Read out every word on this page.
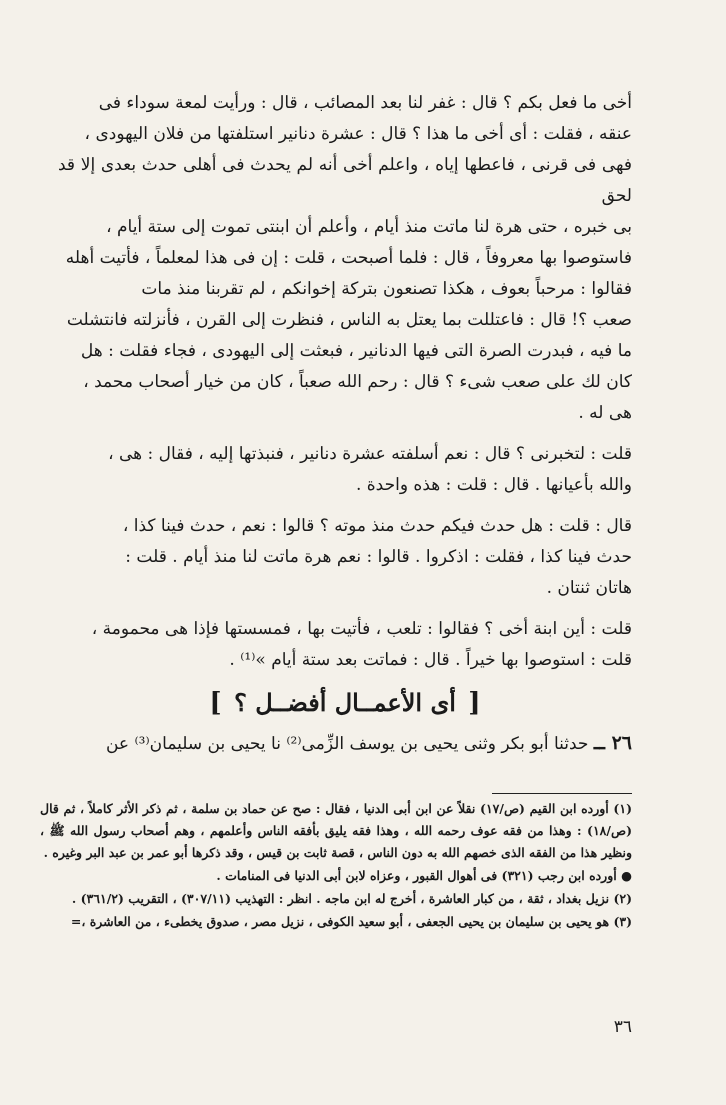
أخى ما فعل بكم ؟ قال : غفر لنا بعد المصائب ، قال : ورأيت لمعة سوداء فى

عنقه ، فقلت : أى أخى ما هذا ؟ قال : عشرة دنانير استلفتها من فلان اليهودى ،

فهى فى قرنى ، فاعطها إياه ، واعلم أخى أنه لم يحدث فى أهلى حدث بعدى إلا قد لحق

بى خبره ، حتى هرة لنا ماتت منذ أيام ، وأعلم أن ابنتى تموت إلى ستة أيام ،

فاستوصوا بها معروفاً ، قال : فلما أصبحت ، قلت : إن فى هذا لمعلماً ، فأتيت أهله

فقالوا : مرحباً بعوف ، هكذا تصنعون بتركة إخوانكم ، لم تقربنا منذ مات

صعب ؟! قال : فاعتللت بما يعتل به الناس ، فنظرت إلى القرن ، فأنزلته فانتشلت

ما فيه ، فبدرت الصرة التى فيها الدنانير ، فبعثت إلى اليهودى ، فجاء فقلت : هل

كان لك على صعب شىء ؟ قال : رحم الله صعباً ، كان من خيار أصحاب محمد ،

هى له .

قلت : لتخبرنى ؟ قال : نعم أسلفته عشرة دنانير ، فنبذتها إليه ، فقال : هى ،

والله بأعيانها . قال : قلت : هذه واحدة .

قال : قلت : هل حدث فيكم حدث منذ موته ؟ قالوا : نعم ، حدث فينا كذا ،

حدث فينا كذا ، فقلت : اذكروا . قالوا : نعم هرة ماتت لنا منذ أيام . قلت :

هاتان ثنتان .

قلت : أين ابنة أخى ؟ فقالوا : تلعب ، فأتيت بها ، فمسستها فإذا هى محمومة ،

قلت : استوصوا بها خيراً . قال : فماتت بعد ستة أيام »⁽¹⁾ .

[ أى الأعمــال أفضــل ؟ ]

٢٦ ــ حدثنا أبو بكر وثنى يحيى بن يوسف الزِّمى⁽²⁾ نا يحيى بن سليمان⁽³⁾ عن

(١) أورده ابن القيم (ص/١٧) نقلاً عن ابن أبى الدنيا ، فقال : صح عن حماد بن سلمة ، ثم ذكر الأثر كاملاً ، ثم قال (ص/١٨) : وهذا من فقه عوف رحمه الله ، وهذا فقه يليق بأفقه الناس وأعلمهم ، وهم أصحاب رسول الله ﷺ ، ونظير هذا من الفقه الذى خصهم الله به دون الناس ، قصة ثابت بن قيس ، وقد ذكرها أبو عمر بن عبد البر وغيره .

● أورده ابن رجب (٣٢١) فى أهوال القبور ، وعزاه لابن أبى الدنيا فى المنامات .

(٢) نزيل بغداد ، ثقة ، من كبار العاشرة ، أخرج له ابن ماجه . انظر : التهذيب (٣٠٧/١١) ، التقريب (٣٦١/٢) .

(٣) هو يحيى بن سليمان بن يحيى الجعفى ، أبو سعيد الكوفى ، نزيل مصر ، صدوق يخطىء ، من العاشرة ،=

٣٦
